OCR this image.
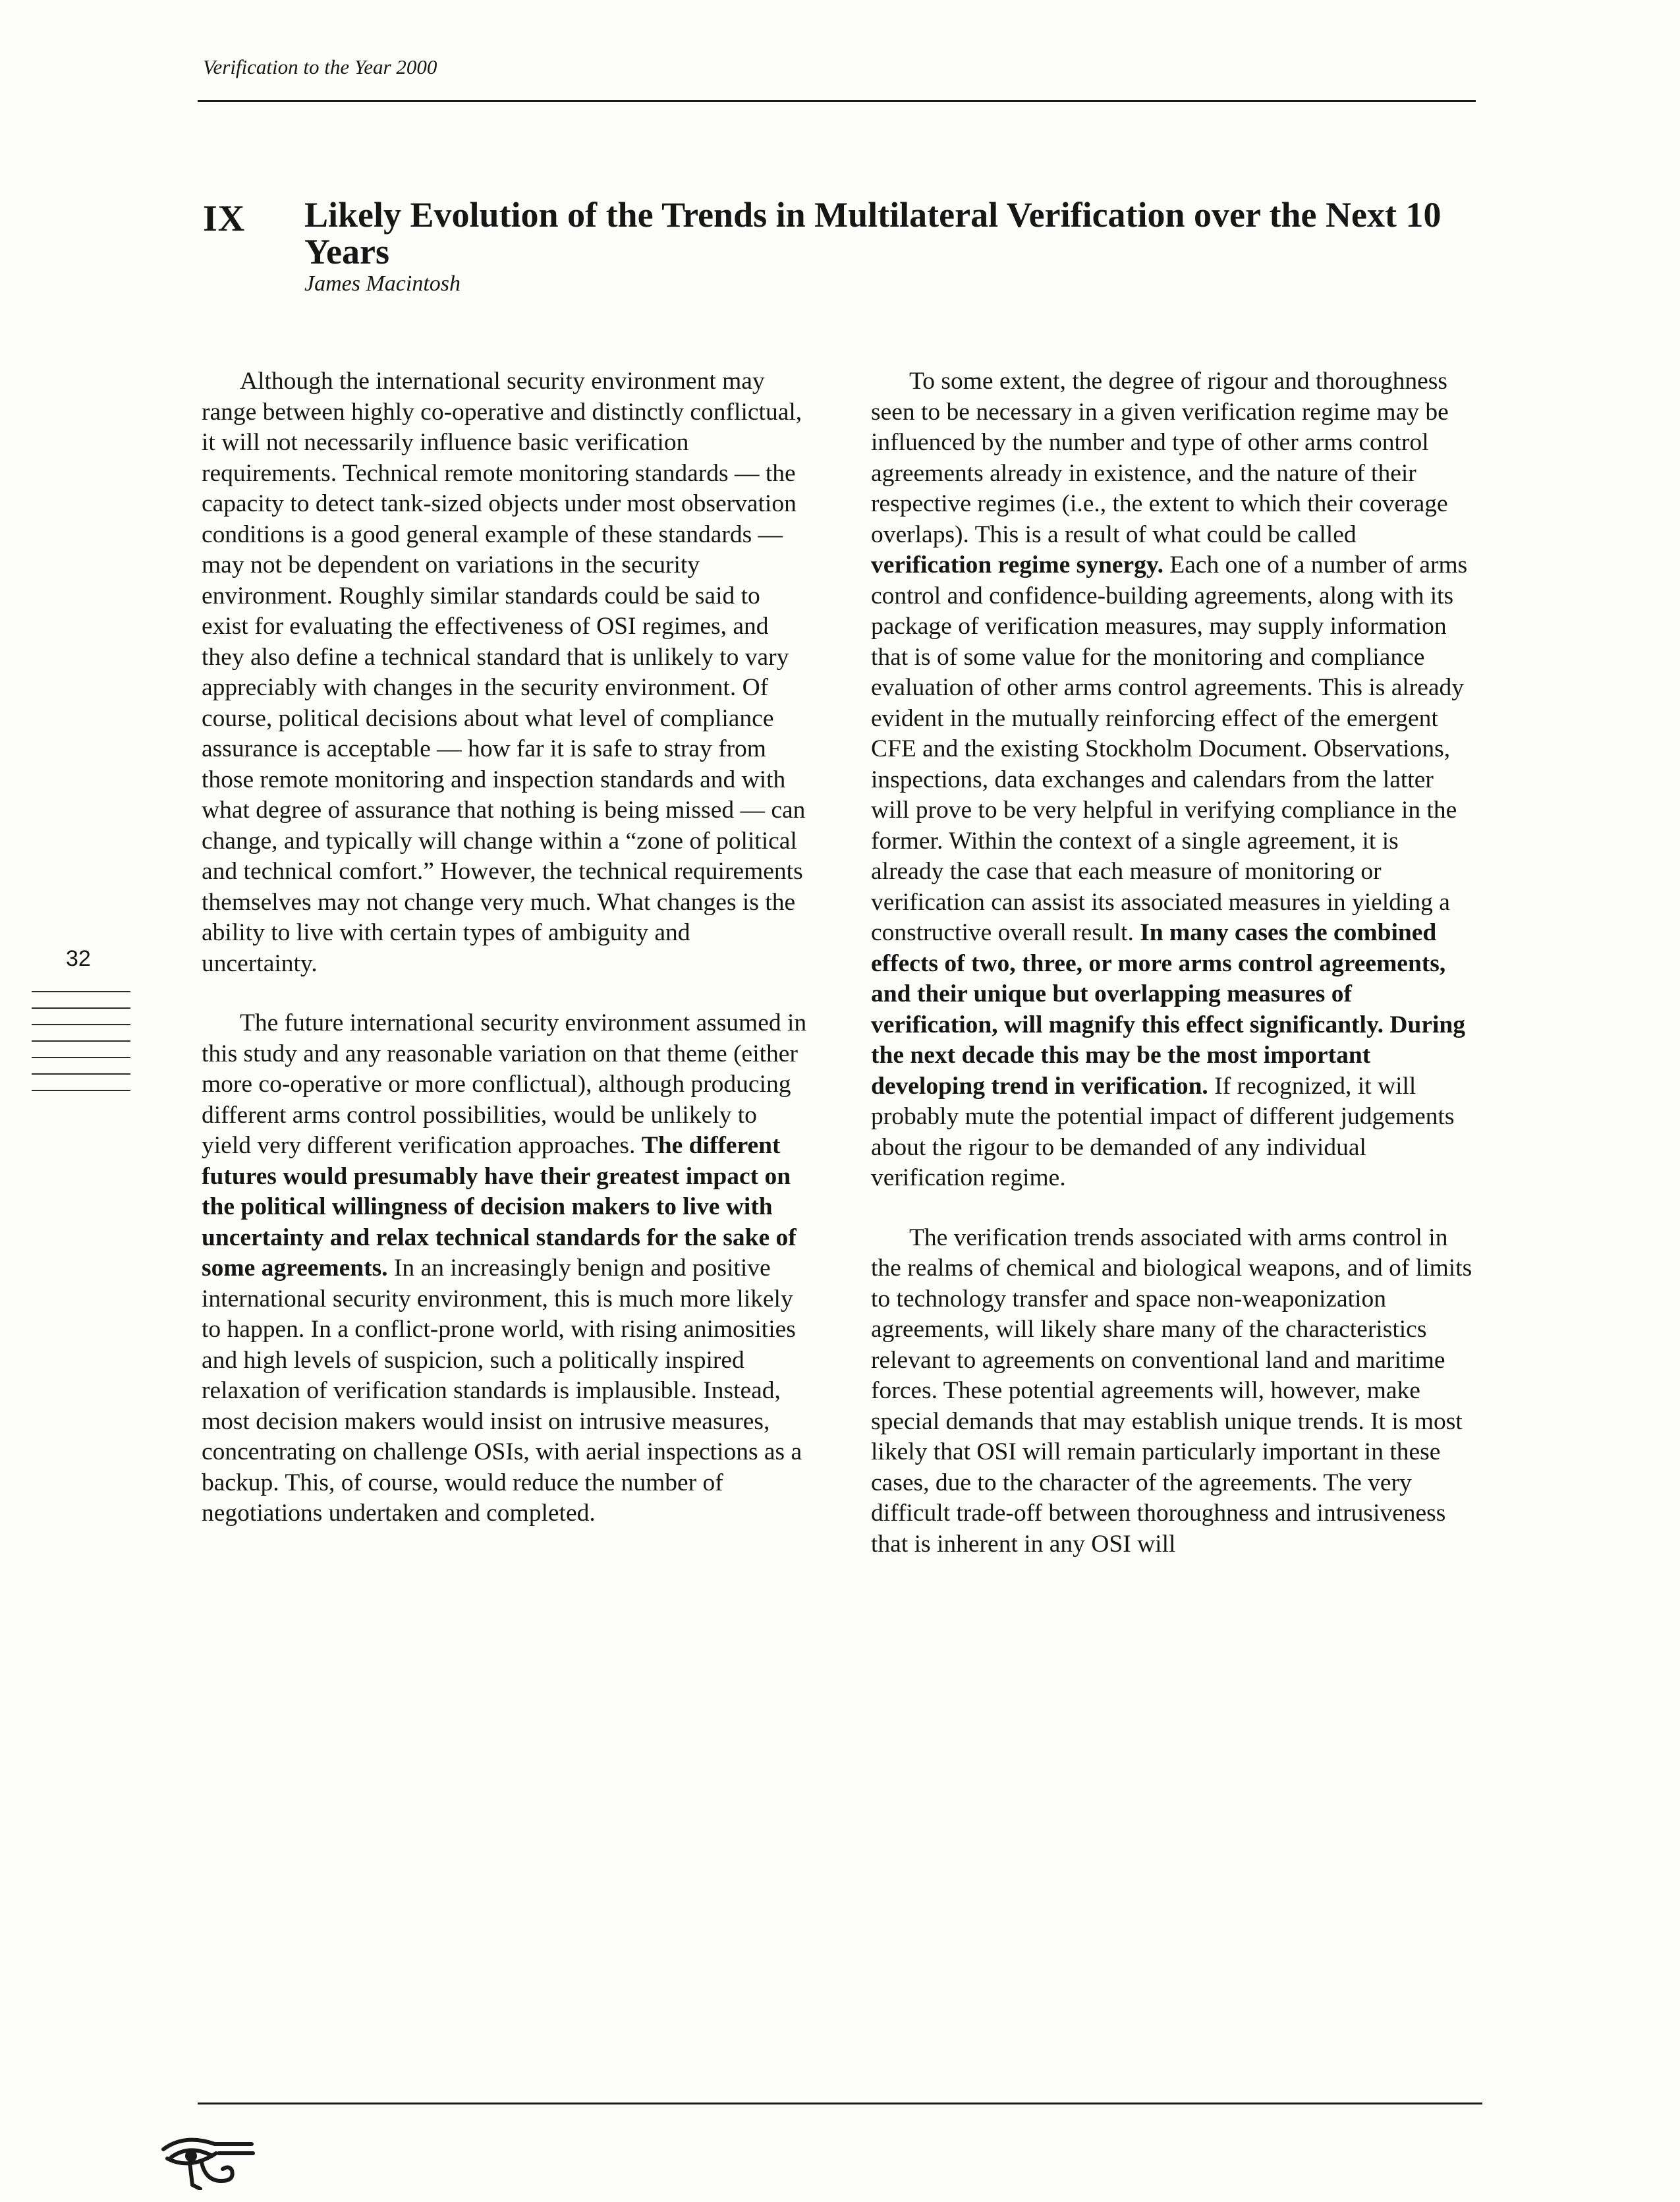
Verification to the Year 2000
IX Likely Evolution of the Trends in Multilateral Verification over the Next 10 Years
James Macintosh

Although the international security environment may range between highly co-operative and distinctly conflictual, it will not necessarily influence basic verification requirements. Technical remote monitoring standards — the capacity to detect tank-sized objects under most observation conditions is a good general example of these standards — may not be dependent on variations in the security environment. Roughly similar standards could be said to exist for evaluating the effectiveness of OSI regimes, and they also define a technical standard that is unlikely to vary appreciably with changes in the security environment. Of course, political decisions about what level of compliance assurance is acceptable — how far it is safe to stray from those remote monitoring and inspection standards and with what degree of assurance that nothing is being missed — can change, and typically will change within a “zone of political and technical comfort.” However, the technical requirements themselves may not change very much. What changes is the ability to live with certain types of ambiguity and uncertainty.

The future international security environment assumed in this study and any reasonable variation on that theme (either more co-operative or more conflictual), although producing different arms control possibilities, would be unlikely to yield very different verification approaches. The different futures would presumably have their greatest impact on the political willingness of decision makers to live with uncertainty and relax technical standards for the sake of some agreements. In an increasingly benign and positive international security environment, this is much more likely to happen. In a conflict-prone world, with rising animosities and high levels of suspicion, such a politically inspired relaxation of verification standards is implausible. Instead, most decision makers would insist on intrusive measures, concentrating on challenge OSIs, with aerial inspections as a backup. This, of course, would reduce the number of negotiations undertaken and completed.

To some extent, the degree of rigour and thoroughness seen to be necessary in a given verification regime may be influenced by the number and type of other arms control agreements already in existence, and the nature of their respective regimes (i.e., the extent to which their coverage overlaps). This is a result of what could be called verification regime synergy. Each one of a number of arms control and confidence-building agreements, along with its package of verification measures, may supply information that is of some value for the monitoring and compliance evaluation of other arms control agreements. This is already evident in the mutually reinforcing effect of the emergent CFE and the existing Stockholm Document. Observations, inspections, data exchanges and calendars from the latter will prove to be very helpful in verifying compliance in the former. Within the context of a single agreement, it is already the case that each measure of monitoring or verification can assist its associated measures in yielding a constructive overall result. In many cases the combined effects of two, three, or more arms control agreements, and their unique but overlapping measures of verification, will magnify this effect significantly. During the next decade this may be the most important developing trend in verification. If recognized, it will probably mute the potential impact of different judgements about the rigour to be demanded of any individual verification regime.

The verification trends associated with arms control in the realms of chemical and biological weapons, and of limits to technology transfer and space non-weaponization agreements, will likely share many of the characteristics relevant to agreements on conventional land and maritime forces. These potential agreements will, however, make special demands that may establish unique trends. It is most likely that OSI will remain particularly important in these cases, due to the character of the agreements. The very difficult trade-off between thoroughness and intrusiveness that is inherent in any OSI will

32
